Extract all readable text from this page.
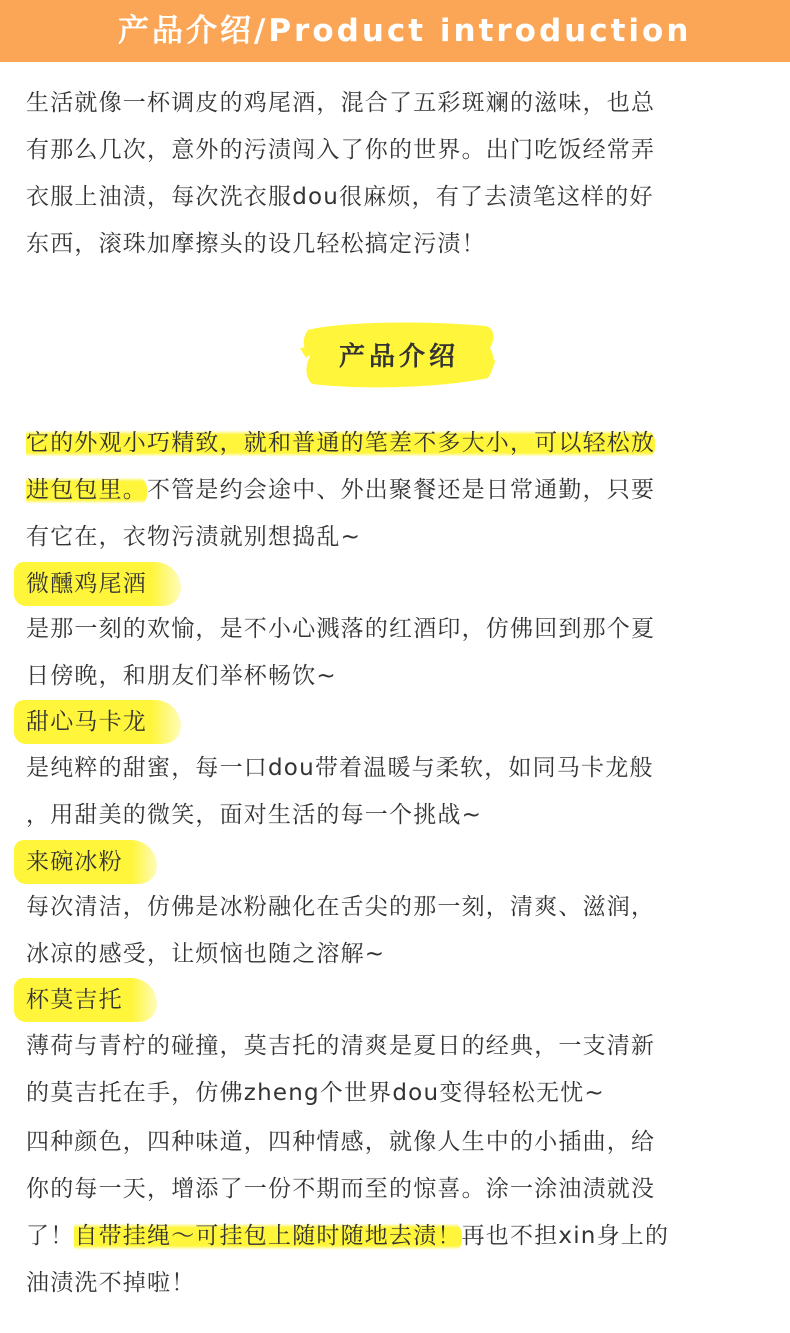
产品介绍/Product introduction
生活就像一杯调皮的鸡尾酒，混合了五彩斑斓的滋味，也总
有那么几次，意外的污渍闯入了你的世界。出门吃饭经常弄
衣服上油渍，每次洗衣服dou很麻烦，有了去渍笔这样的好
东西，滚珠加摩擦头的设几轻松搞定污渍！
产品介绍
它的外观小巧精致，就和普通的笔差不多大小，可以轻松放
进包包里。不管是约会途中、外出聚餐还是日常通勤，只要
有它在，衣物污渍就别想捣乱~
微醺鸡尾酒
是那一刻的欢愉，是不小心溅落的红酒印，仿佛回到那个夏
日傍晚，和朋友们举杯畅饮~
甜心马卡龙
是纯粹的甜蜜，每一口dou带着温暖与柔软，如同马卡龙般
，用甜美的微笑，面对生活的每一个挑战~
来碗冰粉
每次清洁，仿佛是冰粉融化在舌尖的那一刻，清爽、滋润，
冰凉的感受，让烦恼也随之溶解~
杯莫吉托
薄荷与青柠的碰撞，莫吉托的清爽是夏日的经典，一支清新
的莫吉托在手，仿佛zheng个世界dou变得轻松无忧~
四种颜色，四种味道，四种情感，就像人生中的小插曲，给
你的每一天，增添了一份不期而至的惊喜。涂一涂油渍就没
了！自带挂绳～可挂包上随时随地去渍！再也不担xin身上的
油渍洗不掉啦！
